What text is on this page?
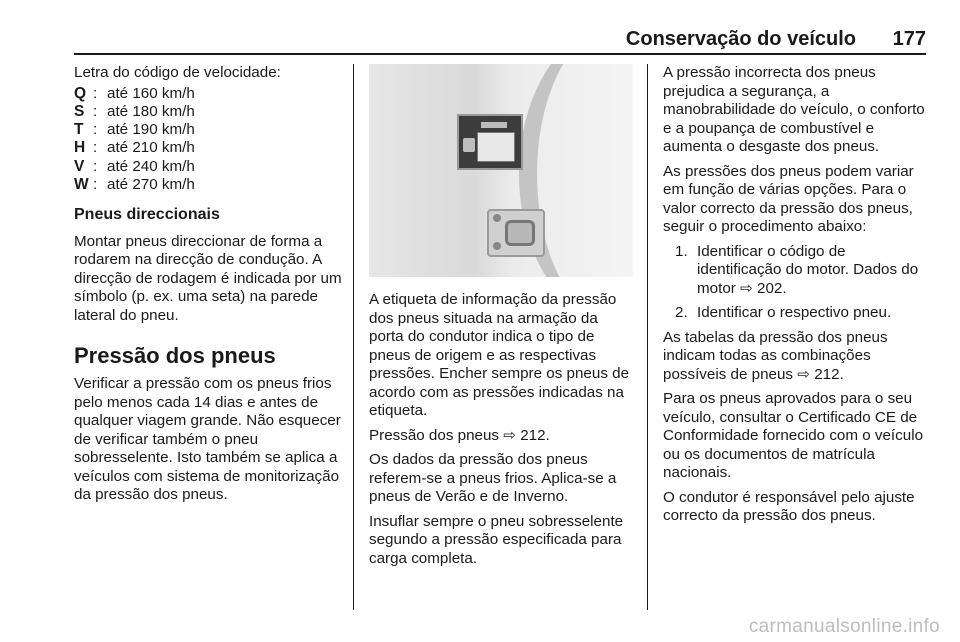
Conservação do veículo 177

Letra do código de velocidade:

Q : até 160 km/h
S : até 180 km/h
T : até 190 km/h
H : até 210 km/h
V : até 240 km/h
W : até 270 km/h
Pneus direccionais

Montar pneus direccionar de forma a rodarem na direcção de condução. A direcção de rodagem é indicada por um símbolo (p. ex. uma seta) na parede lateral do pneu.

Pressão dos pneus

Verificar a pressão com os pneus frios pelo menos cada 14 dias e antes de qualquer viagem grande. Não esquecer de verificar também o pneu sobresselente. Isto também se aplica a veículos com sistema de monitorização da pressão dos pneus.

A etiqueta de informação da pressão dos pneus situada na armação da porta do condutor indica o tipo de pneus de origem e as respectivas pressões. Encher sempre os pneus de acordo com as pressões indicadas na etiqueta.

Pressão dos pneus ⇨ 212.

Os dados da pressão dos pneus referem-se a pneus frios. Aplica-se a pneus de Verão e de Inverno.

Insuflar sempre o pneu sobresselente segundo a pressão especificada para carga completa.

A pressão incorrecta dos pneus prejudica a segurança, a manobrabilidade do veículo, o conforto e a poupança de combustível e aumenta o desgaste dos pneus.

As pressões dos pneus podem variar em função de várias opções. Para o valor correcto da pressão dos pneus, seguir o procedimento abaixo:

1. Identificar o código de identificação do motor. Dados do motor ⇨ 202.
2. Identificar o respectivo pneu.

As tabelas da pressão dos pneus indicam todas as combinações possíveis de pneus ⇨ 212.

Para os pneus aprovados para o seu veículo, consultar o Certificado CE de Conformidade fornecido com o veículo ou os documentos de matrícula nacionais.

O condutor é responsável pelo ajuste correcto da pressão dos pneus.

carmanualsonline.info
